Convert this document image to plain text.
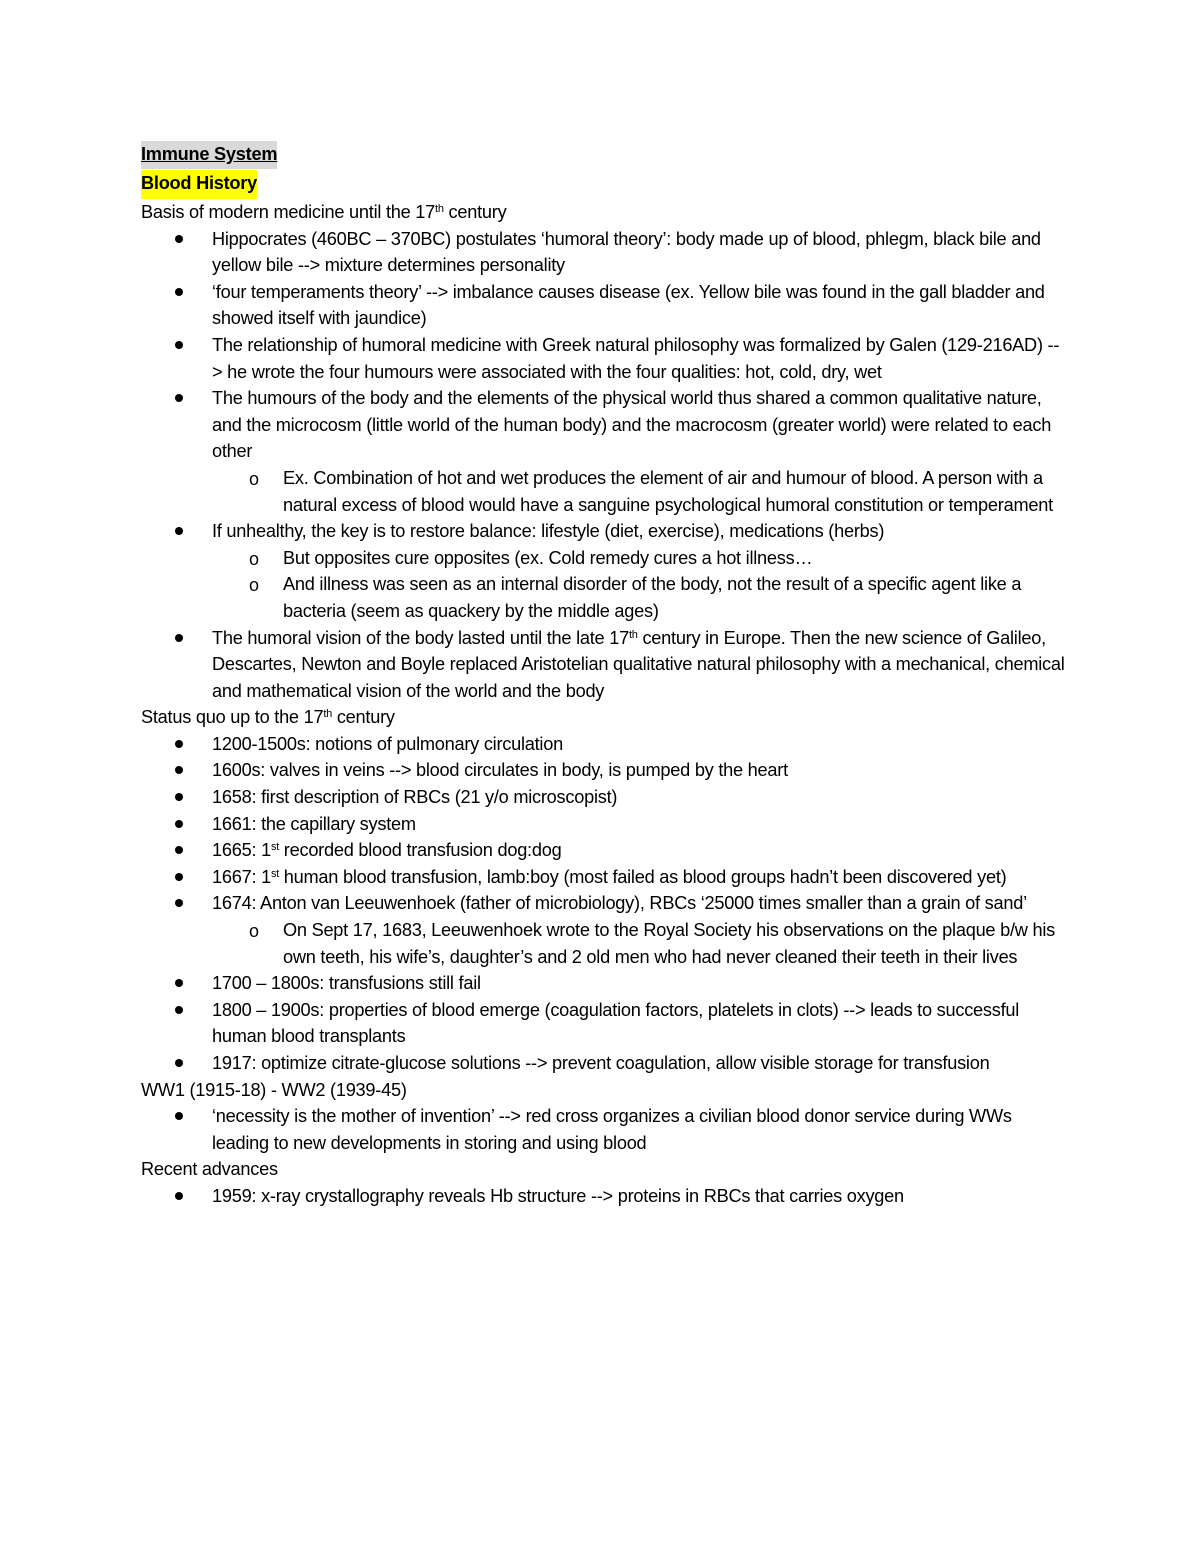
Immune System
Blood History
Basis of modern medicine until the 17th century
Hippocrates (460BC – 370BC) postulates ‘humoral theory’: body made up of blood, phlegm, black bile and yellow bile --> mixture determines personality
‘four temperaments theory’ --> imbalance causes disease (ex. Yellow bile was found in the gall bladder and showed itself with jaundice)
The relationship of humoral medicine with Greek natural philosophy was formalized by Galen (129-216AD) --> he wrote the four humours were associated with the four qualities: hot, cold, dry, wet
The humours of the body and the elements of the physical world thus shared a common qualitative nature, and the microcosm (little world of the human body) and the macrocosm (greater world) were related to each other
o Ex. Combination of hot and wet produces the element of air and humour of blood. A person with a natural excess of blood would have a sanguine psychological humoral constitution or temperament
If unhealthy, the key is to restore balance: lifestyle (diet, exercise), medications (herbs)
o But opposites cure opposites (ex. Cold remedy cures a hot illness…
o And illness was seen as an internal disorder of the body, not the result of a specific agent like a bacteria (seem as quackery by the middle ages)
The humoral vision of the body lasted until the late 17th century in Europe. Then the new science of Galileo, Descartes, Newton and Boyle replaced Aristotelian qualitative natural philosophy with a mechanical, chemical and mathematical vision of the world and the body
Status quo up to the 17th century
1200-1500s: notions of pulmonary circulation
1600s: valves in veins --> blood circulates in body, is pumped by the heart
1658: first description of RBCs (21 y/o microscopist)
1661: the capillary system
1665: 1st recorded blood transfusion dog:dog
1667: 1st human blood transfusion, lamb:boy (most failed as blood groups hadn’t been discovered yet)
1674: Anton van Leeuwenhoek (father of microbiology), RBCs ‘25000 times smaller than a grain of sand’
o On Sept 17, 1683, Leeuwenhoek wrote to the Royal Society his observations on the plaque b/w his own teeth, his wife’s, daughter’s and 2 old men who had never cleaned their teeth in their lives
1700 – 1800s: transfusions still fail
1800 – 1900s: properties of blood emerge (coagulation factors, platelets in clots) --> leads to successful human blood transplants
1917: optimize citrate-glucose solutions --> prevent coagulation, allow visible storage for transfusion
WW1 (1915-18) - WW2 (1939-45)
‘necessity is the mother of invention’ --> red cross organizes a civilian blood donor service during WWs leading to new developments in storing and using blood
Recent advances
1959: x-ray crystallography reveals Hb structure --> proteins in RBCs that carries oxygen
